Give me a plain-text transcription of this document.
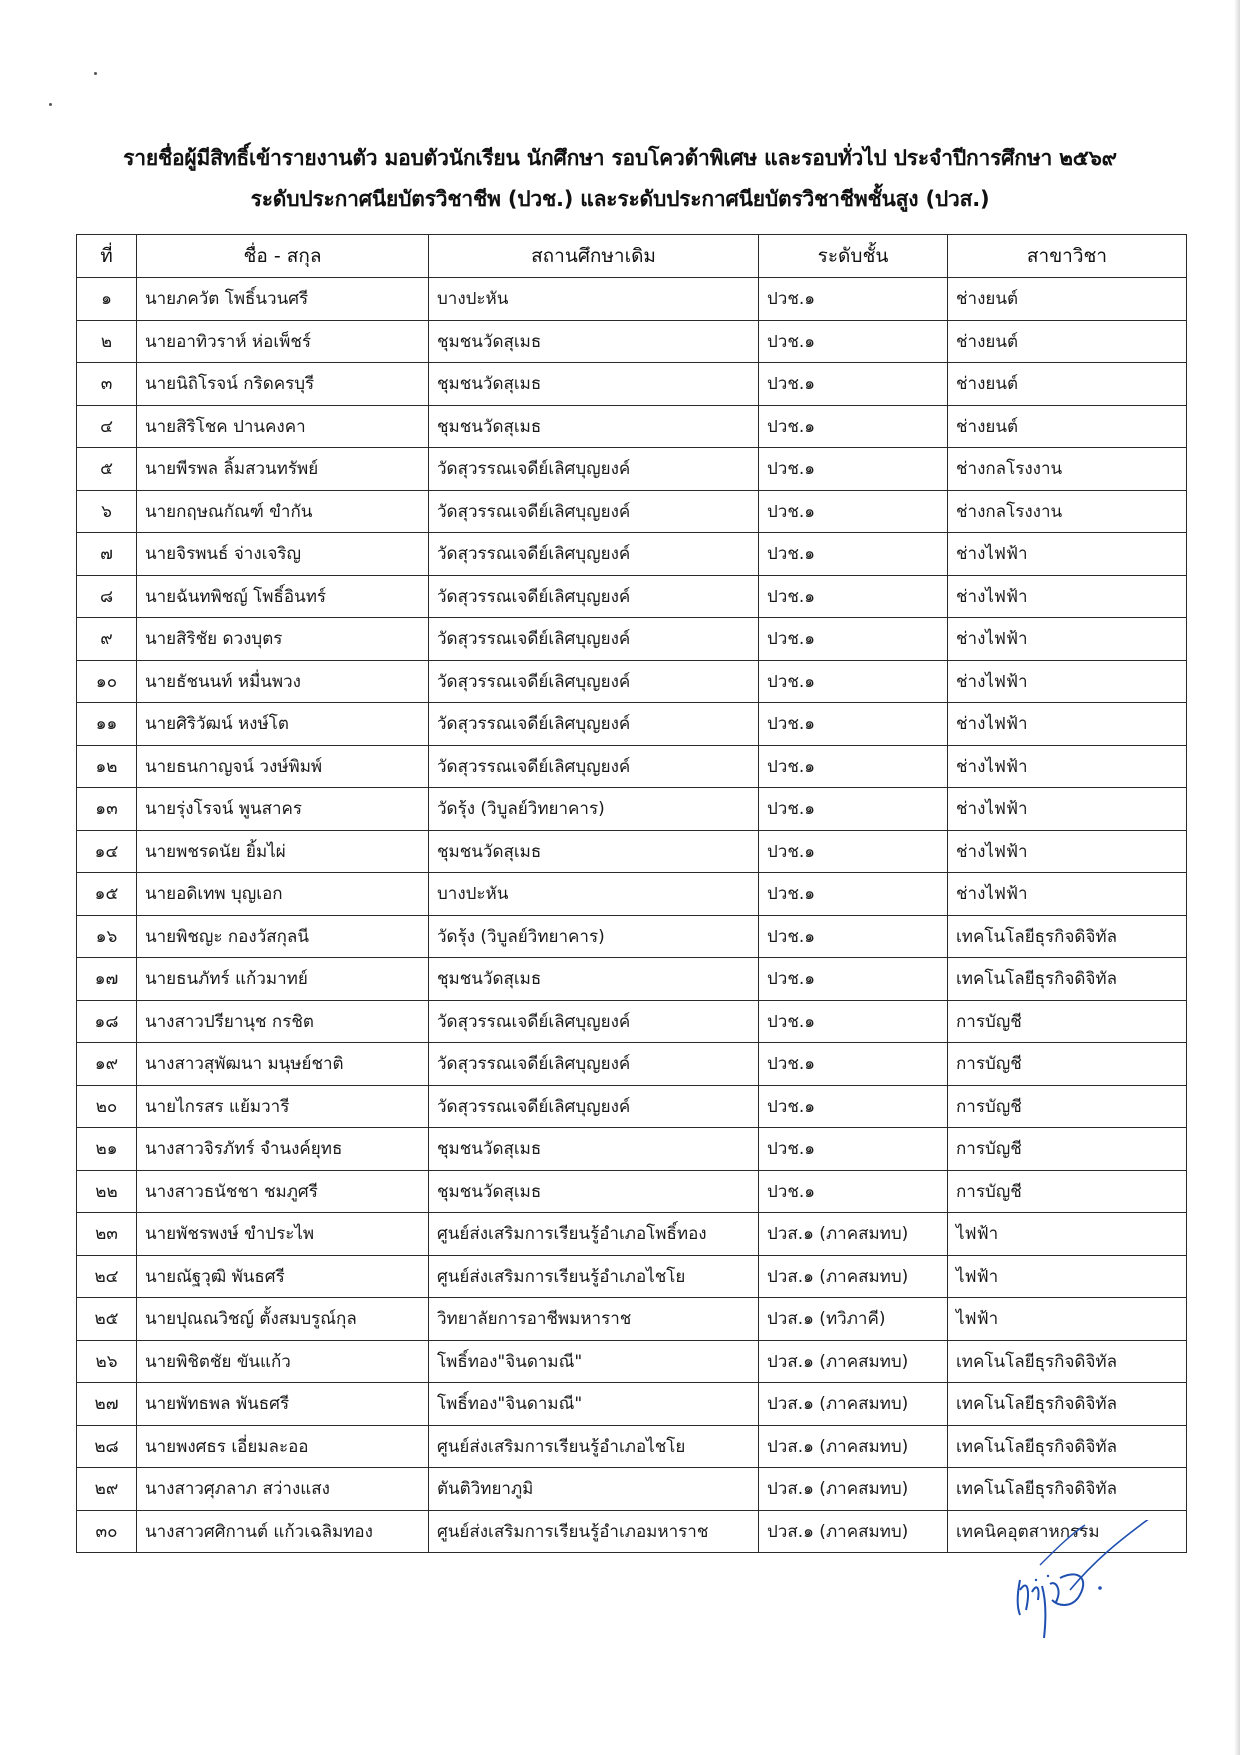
รายชื่อผู้มีสิทธิ์เข้ารายงานตัว มอบตัวนักเรียน นักศึกษา รอบโควต้าพิเศษ และรอบทั่วไป ประจำปีการศึกษา ๒๕๖๙
ระดับประกาศนียบัตรวิชาชีพ (ปวช.) และระดับประกาศนียบัตรวิชาชีพชั้นสูง (ปวส.)
ที่	ชื่อ - สกุล	สถานศึกษาเดิม	ระดับชั้น	สาขาวิชา
๑	นายภควัต โพธิ์นวนศรี	บางปะหัน	ปวช.๑	ช่างยนต์
๒	นายอาทิวราห์ ห่อเพ็ชร์	ชุมชนวัดสุเมธ	ปวช.๑	ช่างยนต์
๓	นายนิถิโรจน์ กริดครบุรี	ชุมชนวัดสุเมธ	ปวช.๑	ช่างยนต์
๔	นายสิริโชค ปานคงคา	ชุมชนวัดสุเมธ	ปวช.๑	ช่างยนต์
๕	นายพีรพล ลิ้มสวนทรัพย์	วัดสุวรรณเจดีย์เลิศบุญยงค์	ปวช.๑	ช่างกลโรงงาน
๖	นายกฤษณกัณฑ์ ขำกัน	วัดสุวรรณเจดีย์เลิศบุญยงค์	ปวช.๑	ช่างกลโรงงาน
๗	นายจิรพนธ์ จ่างเจริญ	วัดสุวรรณเจดีย์เลิศบุญยงค์	ปวช.๑	ช่างไฟฟ้า
๘	นายฉันทพิชญ์ โพธิ์อินทร์	วัดสุวรรณเจดีย์เลิศบุญยงค์	ปวช.๑	ช่างไฟฟ้า
๙	นายสิริชัย ดวงบุตร	วัดสุวรรณเจดีย์เลิศบุญยงค์	ปวช.๑	ช่างไฟฟ้า
๑๐	นายธัชนนท์ หมื่นพวง	วัดสุวรรณเจดีย์เลิศบุญยงค์	ปวช.๑	ช่างไฟฟ้า
๑๑	นายศิริวัฒน์ หงษ์โต	วัดสุวรรณเจดีย์เลิศบุญยงค์	ปวช.๑	ช่างไฟฟ้า
๑๒	นายธนกาญจน์ วงษ์พิมพ์	วัดสุวรรณเจดีย์เลิศบุญยงค์	ปวช.๑	ช่างไฟฟ้า
๑๓	นายรุ่งโรจน์ พูนสาคร	วัดรุ้ง (วิบูลย์วิทยาคาร)	ปวช.๑	ช่างไฟฟ้า
๑๔	นายพชรดนัย ยิ้มไผ่	ชุมชนวัดสุเมธ	ปวช.๑	ช่างไฟฟ้า
๑๕	นายอดิเทพ บุญเอก	บางปะหัน	ปวช.๑	ช่างไฟฟ้า
๑๖	นายพิชญะ กองวัสกุลนี	วัดรุ้ง (วิบูลย์วิทยาคาร)	ปวช.๑	เทคโนโลยีธุรกิจดิจิทัล
๑๗	นายธนภัทร์ แก้วมาทย์	ชุมชนวัดสุเมธ	ปวช.๑	เทคโนโลยีธุรกิจดิจิทัล
๑๘	นางสาวปรียานุช กรชิต	วัดสุวรรณเจดีย์เลิศบุญยงค์	ปวช.๑	การบัญชี
๑๙	นางสาวสุพัฒนา มนุษย์ชาติ	วัดสุวรรณเจดีย์เลิศบุญยงค์	ปวช.๑	การบัญชี
๒๐	นายไกรสร แย้มวารี	วัดสุวรรณเจดีย์เลิศบุญยงค์	ปวช.๑	การบัญชี
๒๑	นางสาวจิรภัทร์ จำนงค์ยุทธ	ชุมชนวัดสุเมธ	ปวช.๑	การบัญชี
๒๒	นางสาวธนัชชา ชมภูศรี	ชุมชนวัดสุเมธ	ปวช.๑	การบัญชี
๒๓	นายพัชรพงษ์ ขำประไพ	ศูนย์ส่งเสริมการเรียนรู้อำเภอโพธิ์ทอง	ปวส.๑ (ภาคสมทบ)	ไฟฟ้า
๒๔	นายณัฐวุฒิ พันธศรี	ศูนย์ส่งเสริมการเรียนรู้อำเภอไชโย	ปวส.๑ (ภาคสมทบ)	ไฟฟ้า
๒๕	นายปุณณวิชญ์ ตั้งสมบรูณ์กุล	วิทยาลัยการอาชีพมหาราช	ปวส.๑ (ทวิภาคี)	ไฟฟ้า
๒๖	นายพิชิตชัย ขันแก้ว	โพธิ์ทอง"จินดามณี"	ปวส.๑ (ภาคสมทบ)	เทคโนโลยีธุรกิจดิจิทัล
๒๗	นายพัทธพล พันธศรี	โพธิ์ทอง"จินดามณี"	ปวส.๑ (ภาคสมทบ)	เทคโนโลยีธุรกิจดิจิทัล
๒๘	นายพงศธร เอี่ยมละออ	ศูนย์ส่งเสริมการเรียนรู้อำเภอไชโย	ปวส.๑ (ภาคสมทบ)	เทคโนโลยีธุรกิจดิจิทัล
๒๙	นางสาวศุภลาภ สว่างแสง	ตันติวิทยาภูมิ	ปวส.๑ (ภาคสมทบ)	เทคโนโลยีธุรกิจดิจิทัล
๓๐	นางสาวศศิกานต์ แก้วเฉลิมทอง	ศูนย์ส่งเสริมการเรียนรู้อำเภอมหาราช	ปวส.๑ (ภาคสมทบ)	เทคนิคอุตสาหกรรม
